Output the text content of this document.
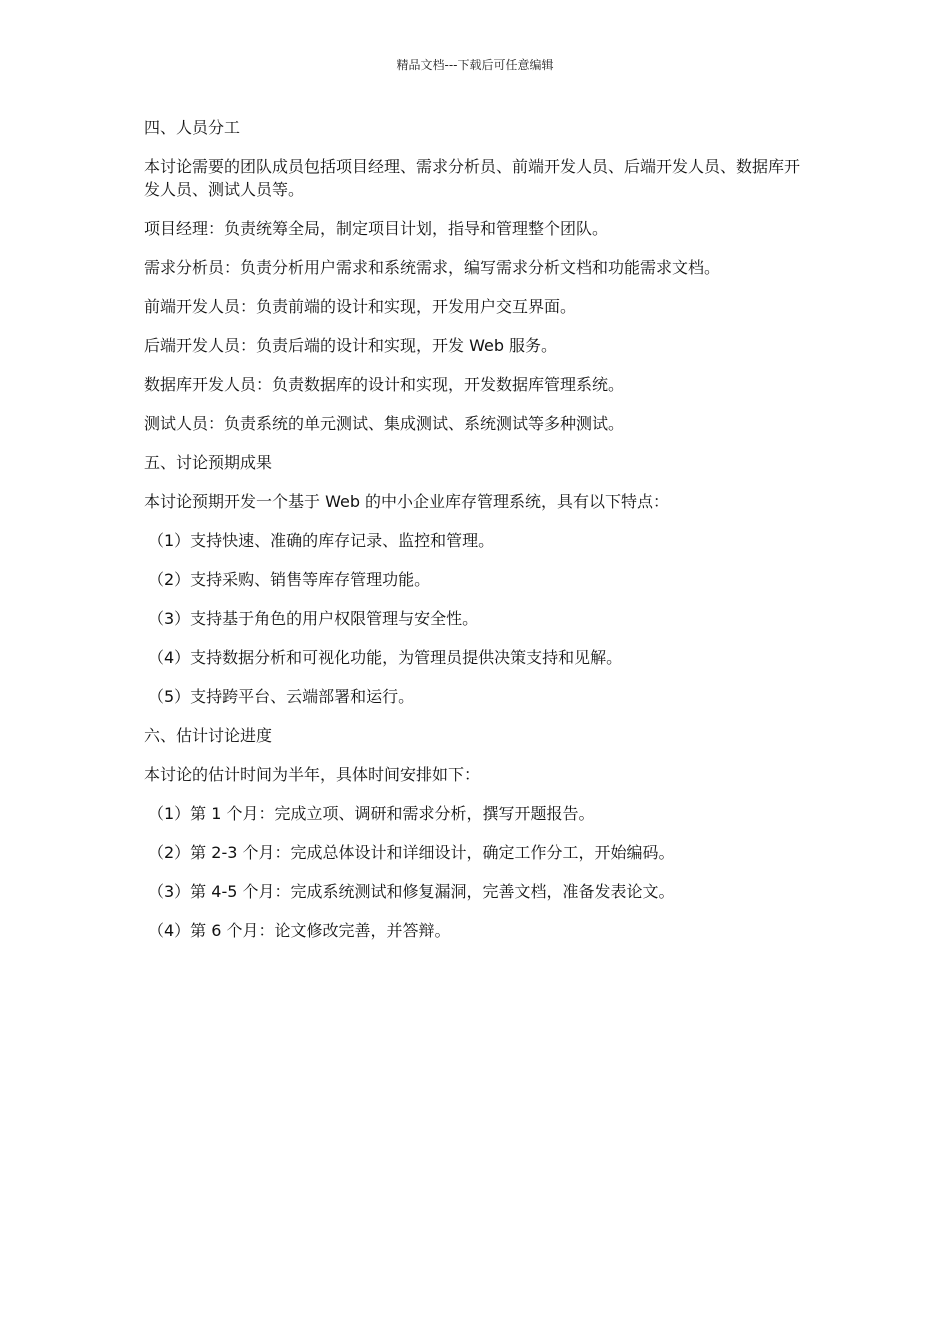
精品文档---下载后可任意编辑

四、人员分工

本讨论需要的团队成员包括项目经理、需求分析员、前端开发人员、后端开发人员、数据库开发人员、测试人员等。

项目经理：负责统筹全局，制定项目计划，指导和管理整个团队。

需求分析员：负责分析用户需求和系统需求，编写需求分析文档和功能需求文档。

前端开发人员：负责前端的设计和实现，开发用户交互界面。

后端开发人员：负责后端的设计和实现，开发 Web 服务。

数据库开发人员：负责数据库的设计和实现，开发数据库管理系统。

测试人员：负责系统的单元测试、集成测试、系统测试等多种测试。

五、讨论预期成果

本讨论预期开发一个基于 Web 的中小企业库存管理系统，具有以下特点：

（1）支持快速、准确的库存记录、监控和管理。

（2）支持采购、销售等库存管理功能。

（3）支持基于角色的用户权限管理与安全性。

（4）支持数据分析和可视化功能，为管理员提供决策支持和见解。

（5）支持跨平台、云端部署和运行。

六、估计讨论进度

本讨论的估计时间为半年，具体时间安排如下：

（1）第 1 个月：完成立项、调研和需求分析，撰写开题报告。

（2）第 2-3 个月：完成总体设计和详细设计，确定工作分工，开始编码。

（3）第 4-5 个月：完成系统测试和修复漏洞，完善文档，准备发表论文。

（4）第 6 个月：论文修改完善，并答辩。
